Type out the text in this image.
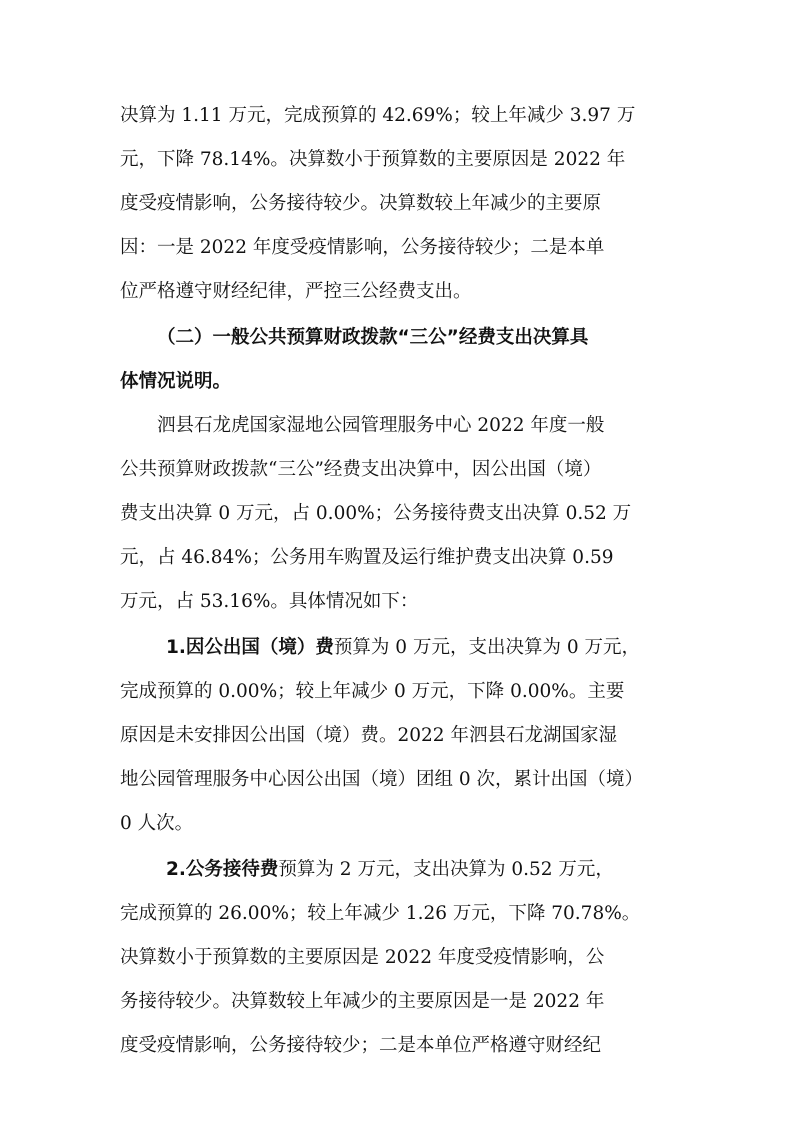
决算为 1.11 万元，完成预算的 42.69%；较上年减少 3.97 万
元，下降 78.14%。决算数小于预算数的主要原因是 2022 年
度受疫情影响，公务接待较少。决算数较上年减少的主要原
因：一是 2022 年度受疫情影响，公务接待较少；二是本单
位严格遵守财经纪律，严控三公经费支出。
（二）一般公共预算财政拨款“三公”经费支出决算具
体情况说明。
泗县石龙虎国家湿地公园管理服务中心 2022 年度一般
公共预算财政拨款“三公”经费支出决算中，因公出国（境）
费支出决算 0 万元，占 0.00%；公务接待费支出决算 0.52 万
元，占 46.84%；公务用车购置及运行维护费支出决算 0.59
万元，占 53.16%。具体情况如下：
1.因公出国（境）费预算为 0 万元，支出决算为 0 万元，
完成预算的 0.00%；较上年减少 0 万元，下降 0.00%。主要
原因是未安排因公出国（境）费。2022 年泗县石龙湖国家湿
地公园管理服务中心因公出国（境）团组 0 次，累计出国（境）
0 人次。
2.公务接待费预算为 2 万元，支出决算为 0.52 万元，
完成预算的 26.00%；较上年减少 1.26 万元，下降 70.78%。
决算数小于预算数的主要原因是 2022 年度受疫情影响，公
务接待较少。决算数较上年减少的主要原因是一是 2022 年
度受疫情影响，公务接待较少；二是本单位严格遵守财经纪
